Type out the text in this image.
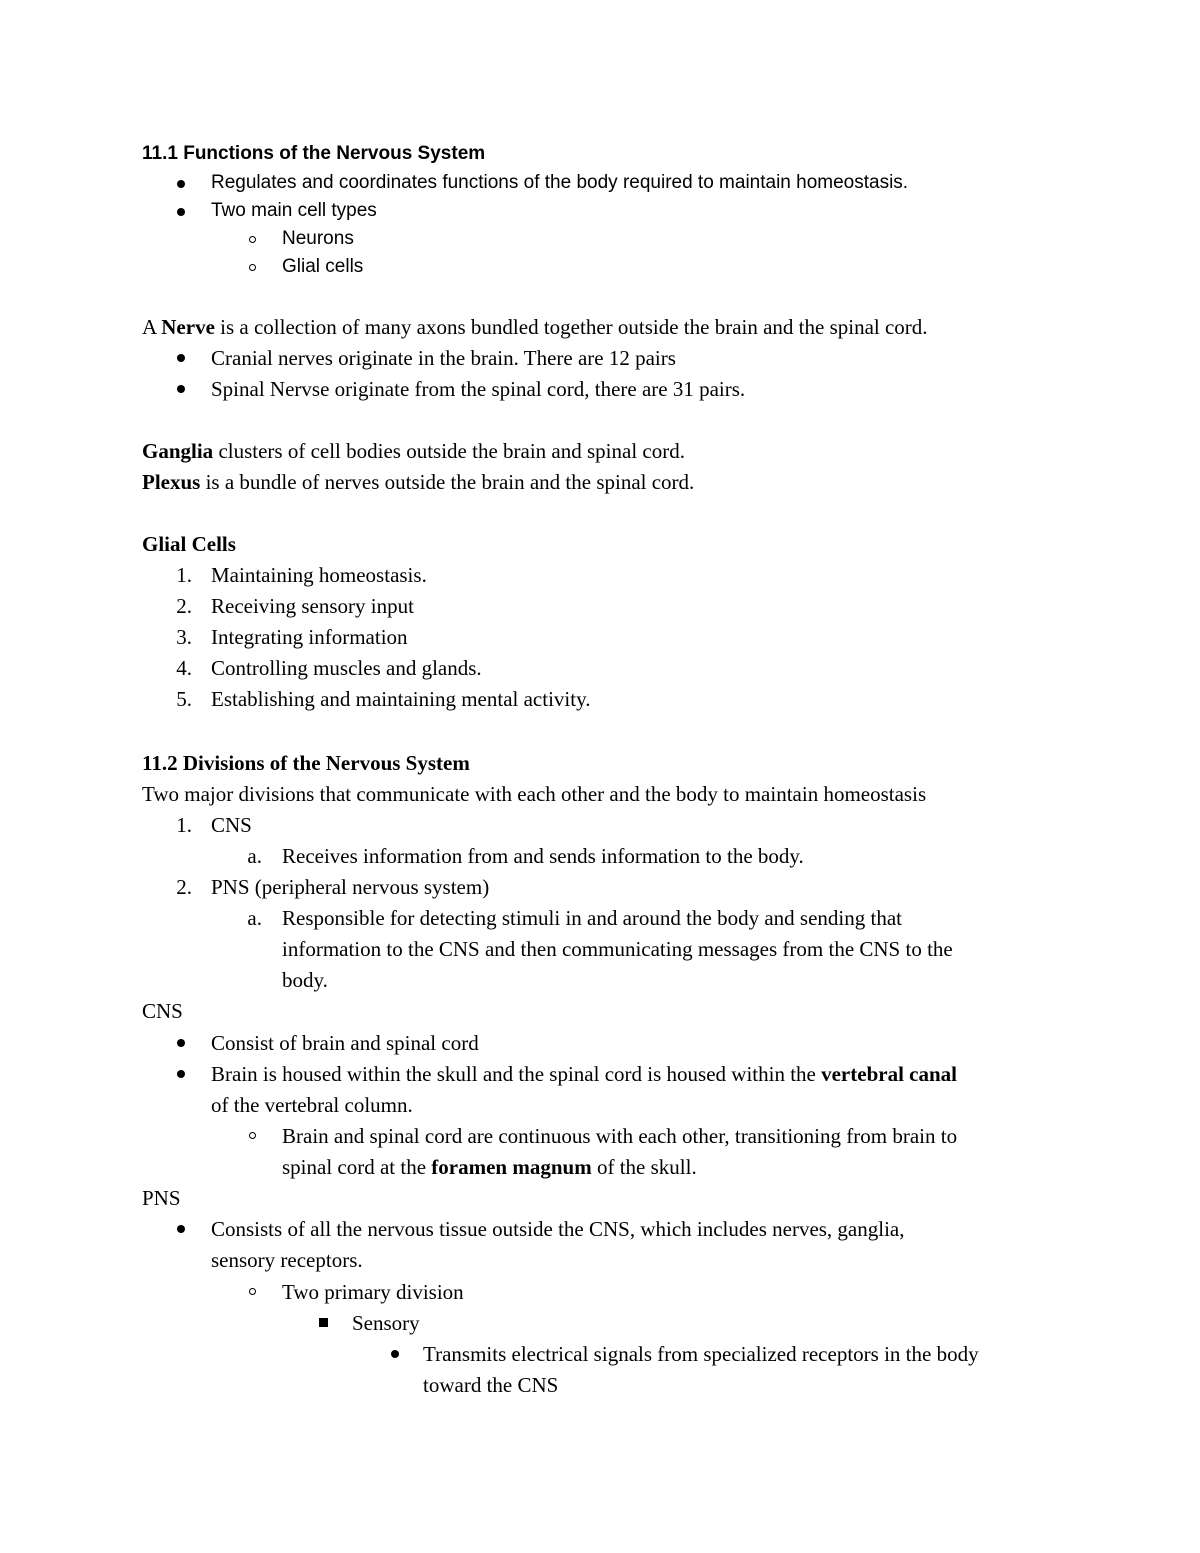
11.1 Functions of the Nervous System

Regulates and coordinates functions of the body required to maintain homeostasis.

Two main cell types

Neurons

Glial cells

A Nerve is a collection of many axons bundled together outside the brain and the spinal cord.

Cranial nerves originate in the brain. There are 12 pairs

Spinal Nervse originate from the spinal cord, there are 31 pairs.

Ganglia clusters of cell bodies outside the brain and spinal cord.

Plexus is a bundle of nerves outside the brain and the spinal cord.

Glial Cells

1. Maintaining homeostasis.

2. Receiving sensory input

3. Integrating information

4. Controlling muscles and glands.

5. Establishing and maintaining mental activity.

11.2 Divisions of the Nervous System

Two major divisions that communicate with each other and the body to maintain homeostasis

1. CNS

a. Receives information from and sends information to the body.

2. PNS (peripheral nervous system)

a. Responsible for detecting stimuli in and around the body and sending that

information to the CNS and then communicating messages from the CNS to the

body.

CNS

Consist of brain and spinal cord

Brain is housed within the skull and the spinal cord is housed within the vertebral canal

of the vertebral column.

Brain and spinal cord are continuous with each other, transitioning from brain to

spinal cord at the foramen magnum of the skull.

PNS

Consists of all the nervous tissue outside the CNS, which includes nerves, ganglia,

sensory receptors.

Two primary division

Sensory

Transmits electrical signals from specialized receptors in the body

toward the CNS
